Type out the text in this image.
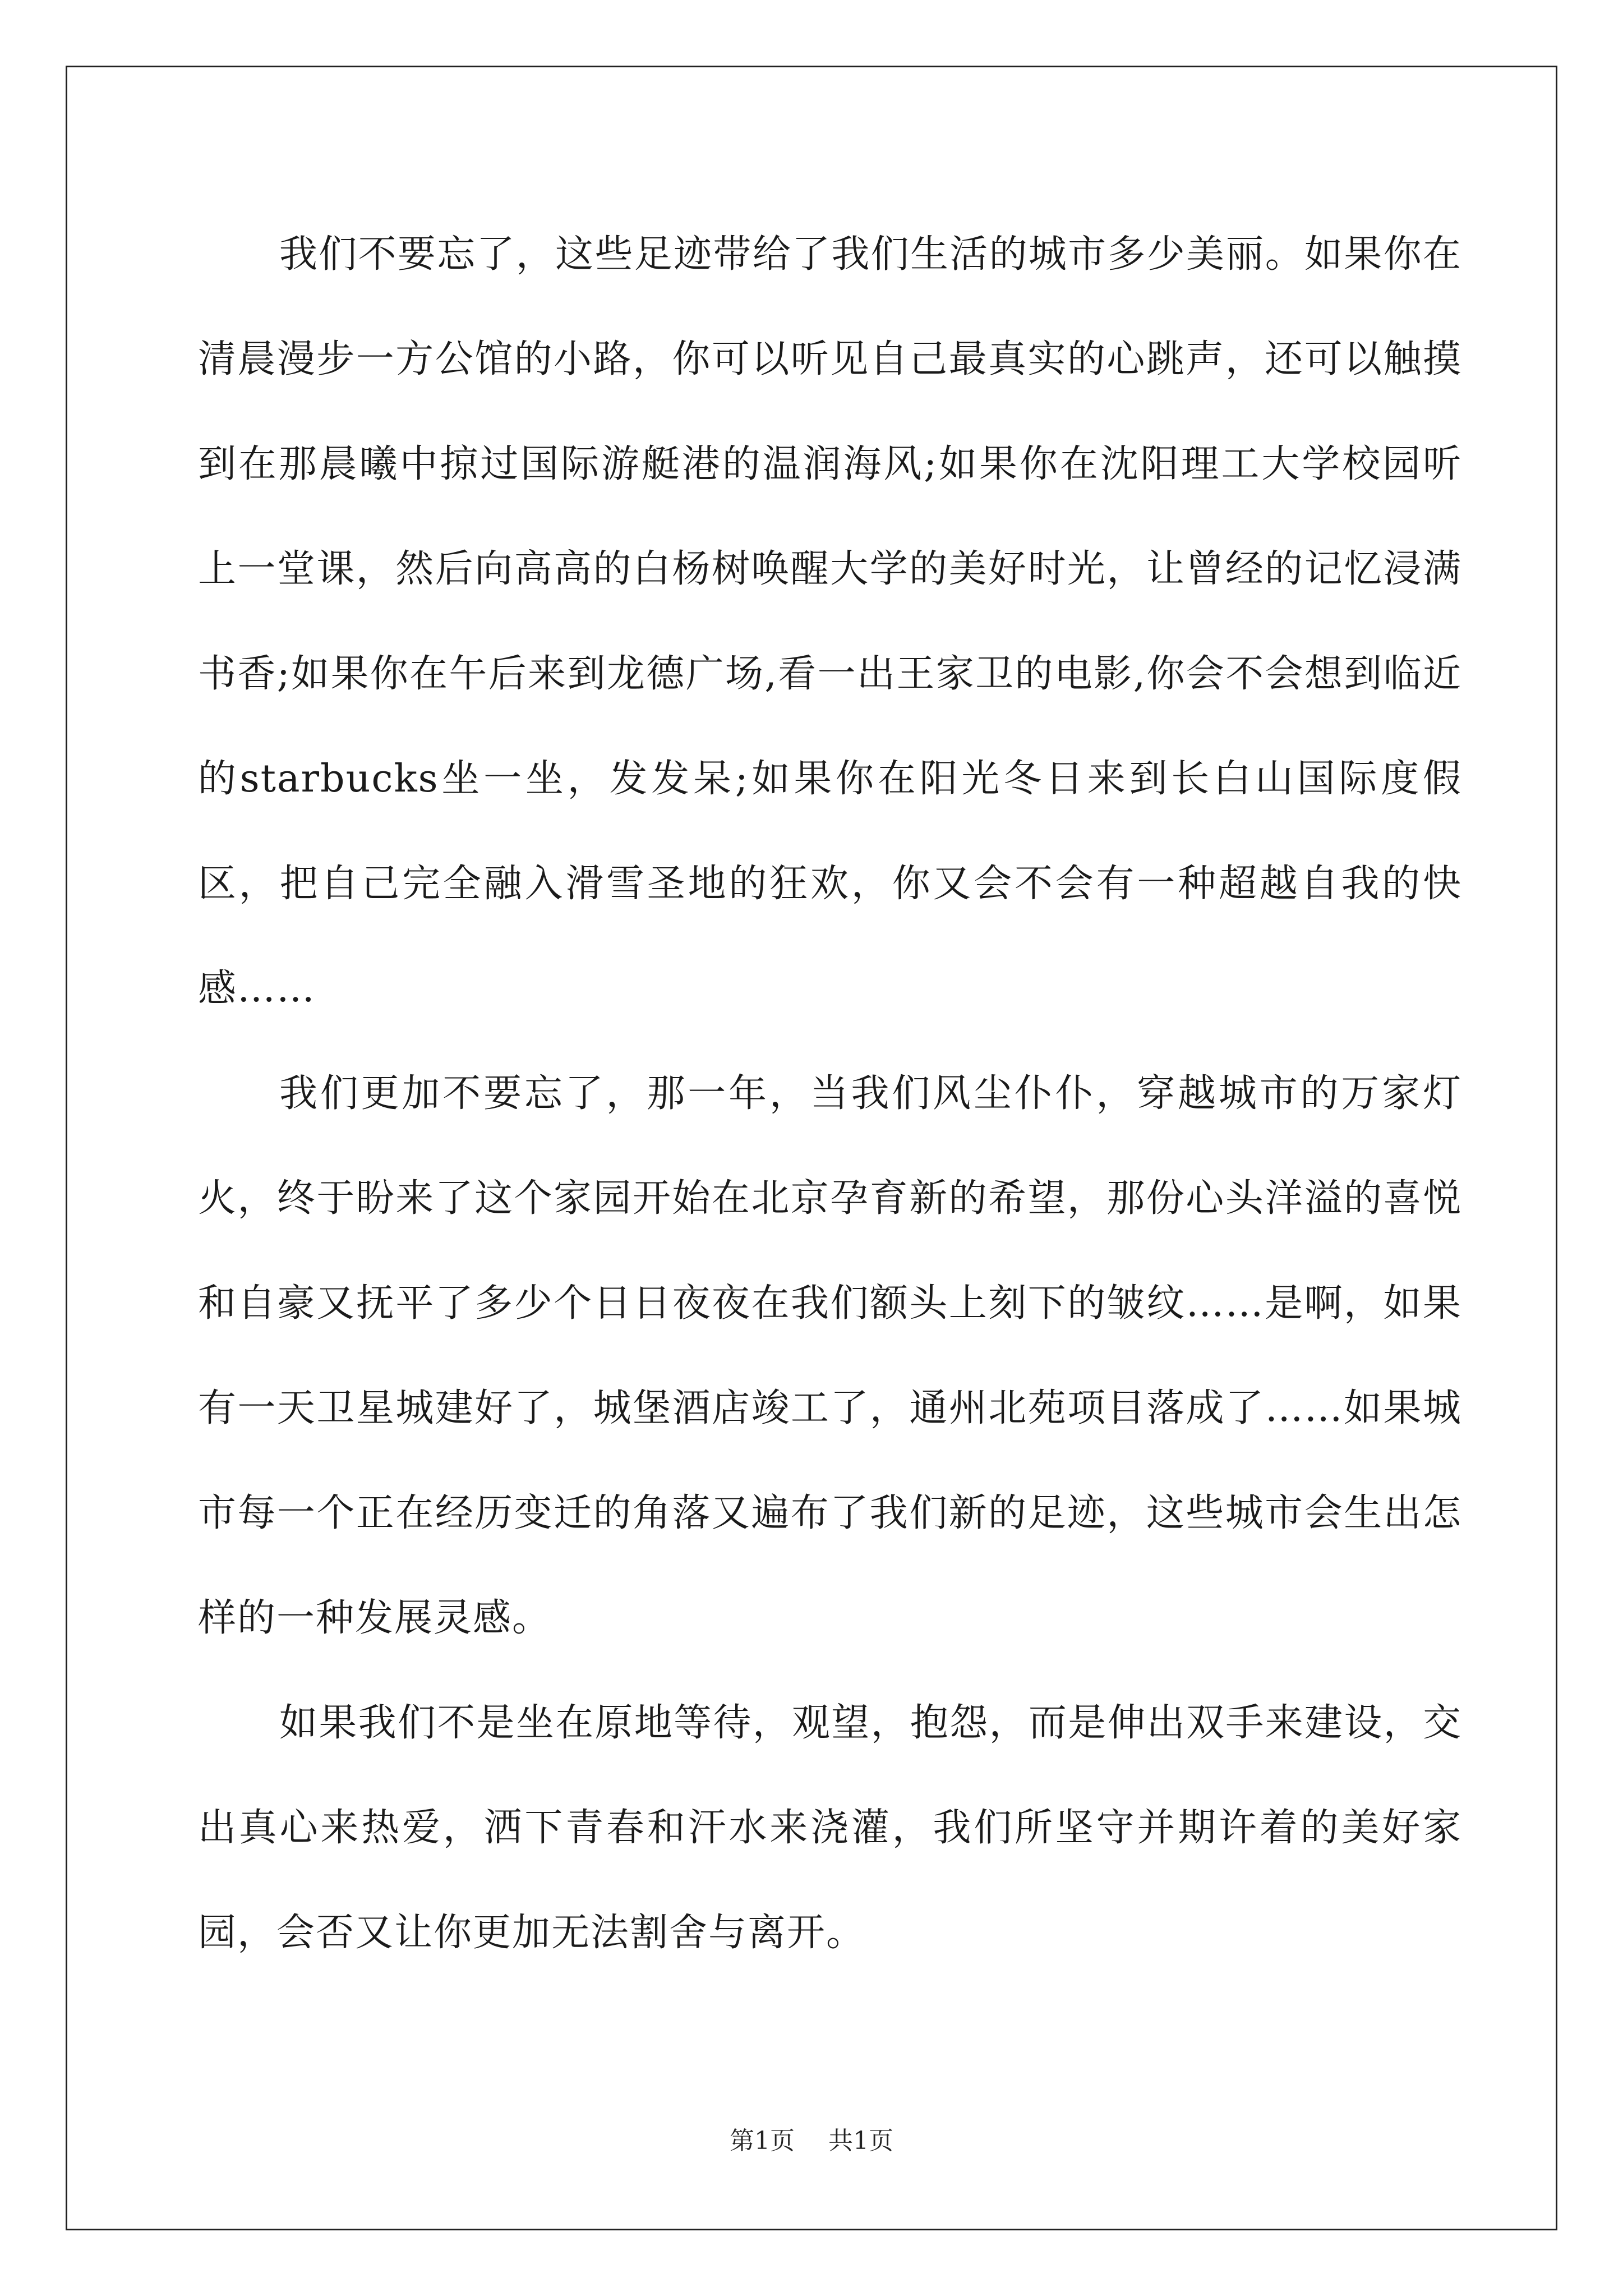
我们不要忘了，这些足迹带给了我们生活的城市多少美丽。如果你在清晨漫步一方公馆的小路，你可以听见自己最真实的心跳声，还可以触摸到在那晨曦中掠过国际游艇港的温润海风;如果你在沈阳理工大学校园听上一堂课，然后向高高的白杨树唤醒大学的美好时光，让曾经的记忆浸满书香;如果你在午后来到龙德广场,看一出王家卫的电影,你会不会想到临近的starbucks坐一坐，发发呆;如果你在阳光冬日来到长白山国际度假区，把自己完全融入滑雪圣地的狂欢，你又会不会有一种超越自我的快感……

我们更加不要忘了，那一年，当我们风尘仆仆，穿越城市的万家灯火，终于盼来了这个家园开始在北京孕育新的希望，那份心头洋溢的喜悦和自豪又抚平了多少个日日夜夜在我们额头上刻下的皱纹……是啊，如果有一天卫星城建好了，城堡酒店竣工了，通州北苑项目落成了……如果城市每一个正在经历变迁的角落又遍布了我们新的足迹，这些城市会生出怎样的一种发展灵感。

如果我们不是坐在原地等待，观望，抱怨，而是伸出双手来建设，交出真心来热爱，洒下青春和汗水来浇灌，我们所坚守并期许着的美好家园，会否又让你更加无法割舍与离开。

第1页 共1页
